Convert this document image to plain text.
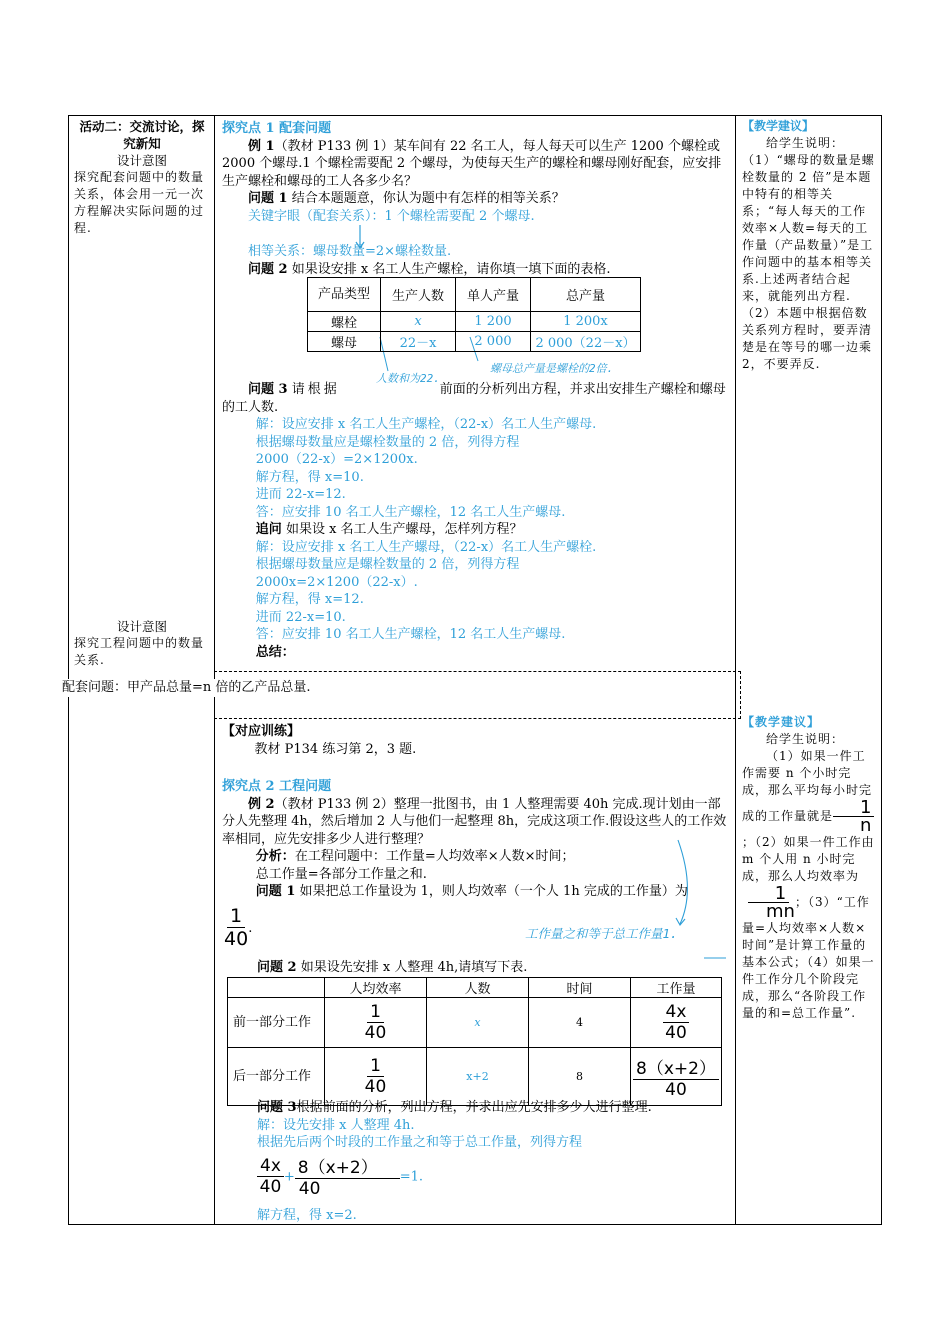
活动二：交流讨论，探究新知
设计意图
探究配套问题中的数量关系，体会用一元一次方程解决实际问题的过程.
设计意图
探究工程问题中的数量关系.
探究点 1 配套问题
例 1（教材 P133 例 1）某车间有 22 名工人，每人每天可以生产 1200 个螺栓或 2000 个螺母.1 个螺栓需要配 2 个螺母，为使每天生产的螺栓和螺母刚好配套，应安排生产螺栓和螺母的工人各多少名？
问题 1 结合本题题意，你认为题中有怎样的相等关系？
关键字眼（配套关系）：1 个螺栓需要配 2 个螺母.
相等关系：螺母数量=2×螺栓数量.
问题 2 如果设安排 x 名工人生产螺栓，请你填一填下面的表格.
产品类型	生产人数	单人产量	总产量
螺栓	x	1 200	1 200x
螺母	22－x	2 000	2 000（22－x）
人数和为22.
螺母总产量是螺栓的2倍.
问题 3 请根据	前面的分析列出方程，并求出安排生产螺栓和螺母的工人数.
解：设应安排 x 名工人生产螺栓，（22-x）名工人生产螺母.
根据螺母数量应是螺栓数量的 2 倍，列得方程
2000（22-x）=2×1200x.
解方程，得 x=10.
进而 22-x=12.
答：应安排 10 名工人生产螺栓，12 名工人生产螺母.
追问 如果设 x 名工人生产螺母，怎样列方程？
解：设应安排 x 名工人生产螺母，（22-x）名工人生产螺栓.
根据螺母数量应是螺栓数量的 2 倍，列得方程
2000x=2×1200（22-x）.
解方程，得 x=12.
进而 22-x=10.
答：应安排 10 名工人生产螺栓，12 名工人生产螺母.
总结：
配套问题：甲产品总量=n 倍的乙产品总量.
【对应训练】
教材 P134 练习第 2，3 题.
探究点 2 工程问题
例 2（教材 P133 例 2）整理一批图书，由 1 人整理需要 40h 完成.现计划由一部分人先整理 4h，然后增加 2 人与他们一起整理 8h，完成这项工作.假设这些人的工作效率相同，应先安排多少人进行整理？
分析：在工程问题中：工作量=人均效率×人数×时间；
总工作量=各部分工作量之和.
问题 1 如果把总工作量设为 1，则人均效率（一个人 1h 完成的工作量）为
$\frac{1}{40}$ .	工作量之和等于总工作量1.
问题 2 如果设先安排 x 人整理 4h,请填写下表.
	人均效率	人数	时间	工作量
前一部分工作	$\frac{1}{40}$	x	4	$\frac{4x}{40}$

后一部分工作	$\frac{1}{40}$	x+2	8	$\frac{8(x+2)}{40}$
问题 3根据前面的分析，列出方程，并求出应先安排多少人进行整理.
解：设先安排 x 人整理 4h.
根据先后两个时段的工作量之和等于总工作量，列得方程
$\frac{4x}{40} + \frac{8(x+2)}{40} =1$.
解方程，得 x=2.
【教学建议】
给学生说明：（1）“螺母的数量是螺栓数量的 2 倍”是本题中特有的相等关系；“每人每天的工作效率×人数=每天的工作量（产品数量）”是工作问题中的基本相等关系.上述两者结合起来，就能列出方程.（2）本题中根据倍数关系列方程时，要弄清楚是在等号的哪一边乘 2，不要弄反.
【教学建议】
给学生说明：
（1）如果一件工作需要 n 个小时完成，那么平均每小时完成的工作量就是 $\frac{1}{n}$
；（2）如果一件工作由 m 个人用 n 小时完成，那么人均效率为
$\frac{1}{mn}$ ；（3）“工作量=人均效率×人数×时间”是计算工作量的基本公式；（4）如果一件工作分几个阶段完成，那么“各阶段工作量的和=总工作量”.
